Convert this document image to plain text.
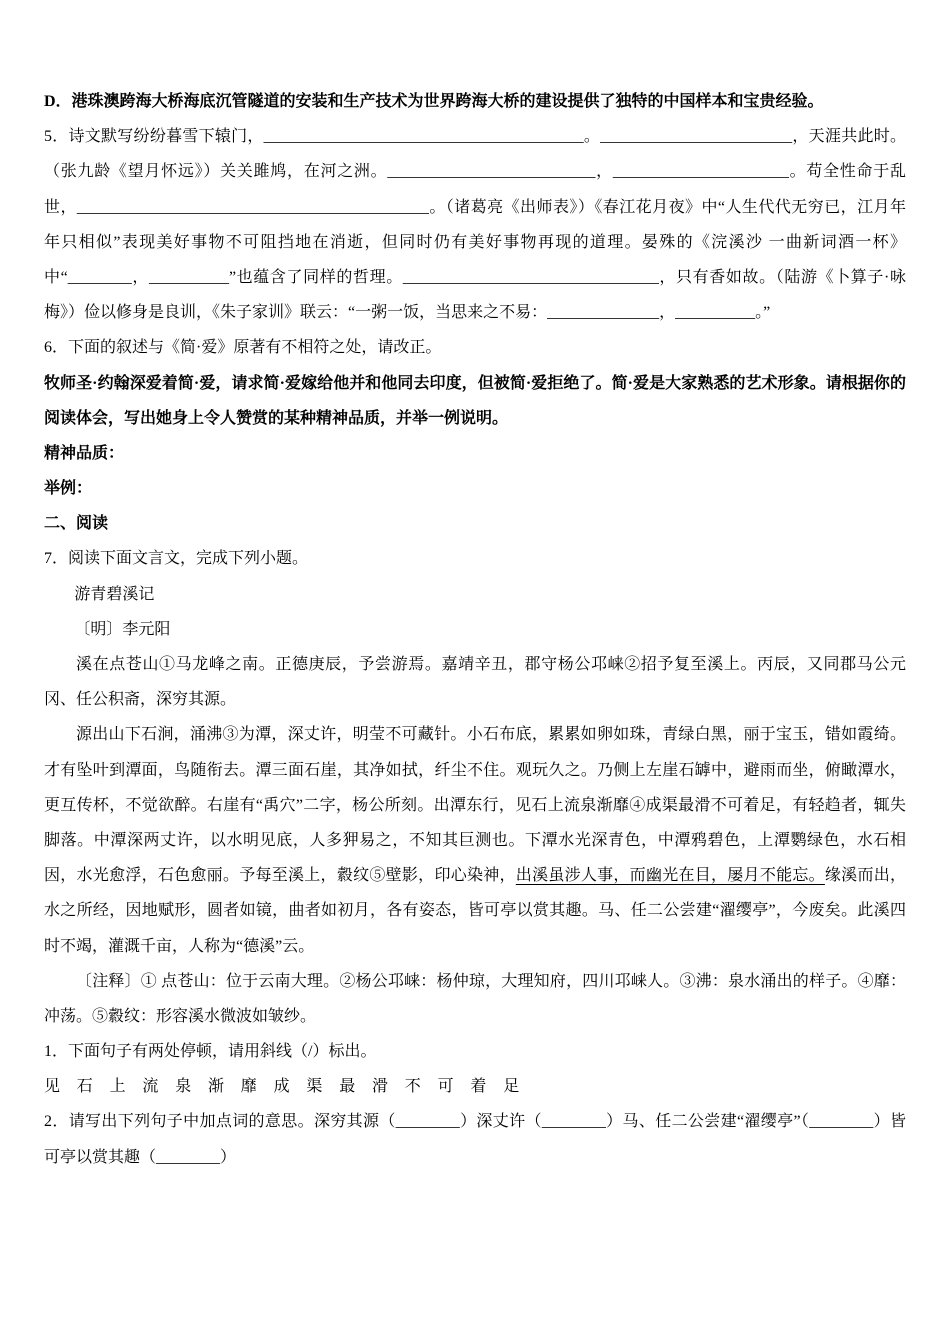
D．港珠澳跨海大桥海底沉管隧道的安装和生产技术为世界跨海大桥的建设提供了独特的中国样本和宝贵经验。

5．诗文默写纷纷暮雪下辕门，________________________________________。________________________，天涯共此时。（张九龄《望月怀远》）关关雎鸠，在河之洲。__________________________，______________________。苟全性命于乱世，____________________________________________。（诸葛亮《出师表》）《春江花月夜》中“人生代代无穷已，江月年年只相似”表现美好事物不可阻挡地在消逝，但同时仍有美好事物再现的道理。晏殊的《浣溪沙 一曲新词酒一杯》中“________，__________”也蕴含了同样的哲理。________________________________，只有香如故。（陆游《卜算子·咏梅》）俭以修身是良训，《朱子家训》联云：“一粥一饭，当思来之不易：______________，__________。”

6．下面的叙述与《简·爱》原著有不相符之处，请改正。

牧师圣·约翰深爱着简·爱，请求简·爱嫁给他并和他同去印度，但被简·爱拒绝了。简·爱是大家熟悉的艺术形象。请根据你的阅读体会，写出她身上令人赞赏的某种精神品质，并举一例说明。

精神品质：

举例：

二、阅读

7．阅读下面文言文，完成下列小题。

游青碧溪记

〔明〕李元阳

溪在点苍山①马龙峰之南。正德庚辰，予尝游焉。嘉靖辛丑，郡守杨公邛崃②招予复至溪上。丙辰，又同郡马公元冈、任公积斋，深穷其源。

源出山下石涧，涌沸③为潭，深丈许，明莹不可藏针。小石布底，累累如卵如珠，青绿白黑，丽于宝玉，错如霞绮。才有坠叶到潭面，鸟随衔去。潭三面石崖，其净如拭，纤尘不住。观玩久之。乃侧上左崖石罅中，避雨而坐，俯瞰潭水，更互传杯，不觉欲醉。右崖有“禹穴”二字，杨公所刻。出潭东行，见石上流泉渐靡④成渠最滑不可着足，有轻趋者，辄失脚落。中潭深两丈许，以水明见底，人多狎易之，不知其巨测也。下潭水光深青色，中潭鸦碧色，上潭鹦绿色，水石相因，水光愈浮，石色愈丽。予每至溪上，縠纹⑤壁影，印心染神，出溪虽涉人事，而幽光在目，屡月不能忘。缘溪而出，水之所经，因地赋形，圆者如镜，曲者如初月，各有姿态，皆可亭以赏其趣。马、任二公尝建“濯缨亭”，今废矣。此溪四时不竭，灌溉千亩，人称为“德溪”云。

〔注释〕① 点苍山：位于云南大理。②杨公邛崃：杨仲琼，大理知府，四川邛崃人。③沸：泉水涌出的样子。④靡：冲荡。⑤縠纹：形容溪水微波如皱纱。

1．下面句子有两处停顿，请用斜线（/）标出。

见 石 上 流 泉 渐 靡 成 渠 最 滑 不 可 着 足

2．请写出下列句子中加点词的意思。深穷其源（________）深丈许（________）马、任二公尝建“濯缨亭”（________）皆可亭以赏其趣（________）
